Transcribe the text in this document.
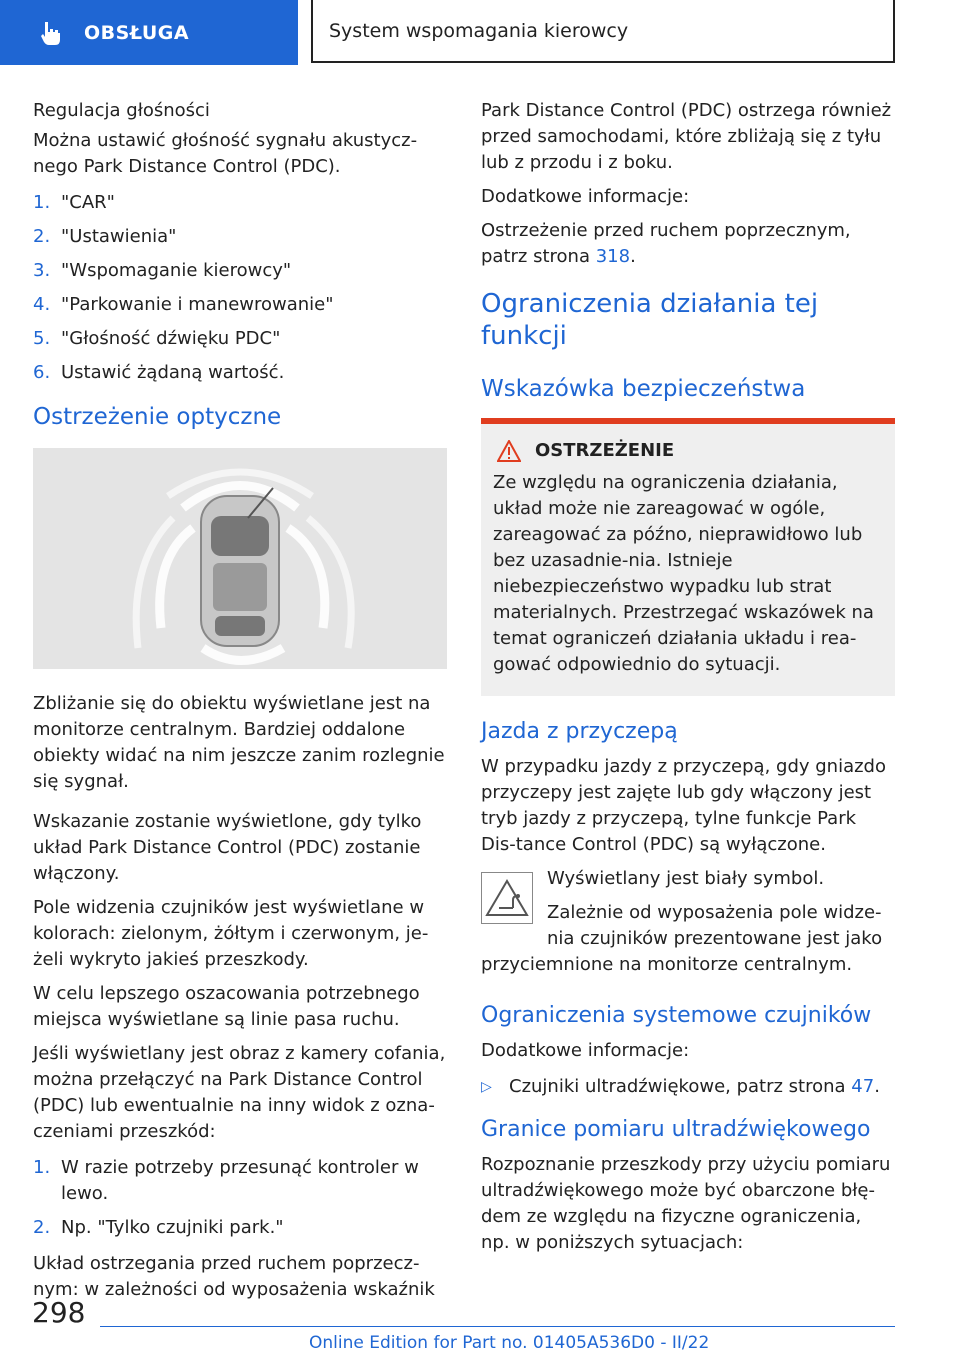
OBSŁUGA	System wspomagania kierowcy

Regulacja głośności

Można ustawić głośność sygnału akustycz-nego Park Distance Control (PDC).

1. "CAR"
2. "Ustawienia"
3. "Wspomaganie kierowcy"
4. "Parkowanie i manewrowanie"
5. "Głośność dźwięku PDC"
6. Ustawić żądaną wartość.
Ostrzeżenie optyczne

Zbliżanie się do obiektu wyświetlane jest na monitorze centralnym. Bardziej oddalone obiekty widać na nim jeszcze zanim rozlegnie się sygnał.

Wskazanie zostanie wyświetlone, gdy tylko układ Park Distance Control (PDC) zostanie włączony.

Pole widzenia czujników jest wyświetlane w kolorach: zielonym, żółtym i czerwonym, je-żeli wykryto jakieś przeszkody.

W celu lepszego oszacowania potrzebnego miejsca wyświetlane są linie pasa ruchu.

Jeśli wyświetlany jest obraz z kamery cofania, można przełączyć na Park Distance Control (PDC) lub ewentualnie na inny widok z ozna-czeniami przeszkód:

1. W razie potrzeby przesunąć kontroler w lewo.
2. Np. "Tylko czujniki park."

Układ ostrzegania przed ruchem poprzecz-nym: w zależności od wyposażenia wskaźnik

Park Distance Control (PDC) ostrzega również przed samochodami, które zbliżają się z tyłu lub z przodu i z boku.

Dodatkowe informacje:

Ostrzeżenie przed ruchem poprzecznym, patrz strona 318.

Ograniczenia działania tej funkcji
Wskazówka bezpieczeństwa
OSTRZEŻENIE
Ze względu na ograniczenia działania, układ może nie zareagować w ogóle, zareagować za późno, nieprawidłowo lub bez uzasadnie-nia. Istnieje niebezpieczeństwo wypadku lub strat materialnych. Przestrzegać wskazówek na temat ograniczeń działania układu i rea-gować odpowiednio do sytuacji.
Jazda z przyczepą

W przypadku jazdy z przyczepą, gdy gniazdo przyczepy jest zajęte lub gdy włączony jest tryb jazdy z przyczepą, tylne funkcje Park Dis-tance Control (PDC) są wyłączone.

Wyświetlany jest biały symbol.

Zależnie od wyposażenia pole widze-nia czujników prezentowane jest jako przyciemnione na monitorze centralnym.

Ograniczenia systemowe czujników

Dodatkowe informacje:

▷ Czujniki ultradźwiękowe, patrz strona 47.
Granice pomiaru ultradźwiękowego

Rozpoznanie przeszkody przy użyciu pomiaru ultradźwiękowego może być obarczone błę-dem ze względu na fizyczne ograniczenia, np. w poniższych sytuacjach:

298
Online Edition for Part no. 01405A536D0 - II/22
